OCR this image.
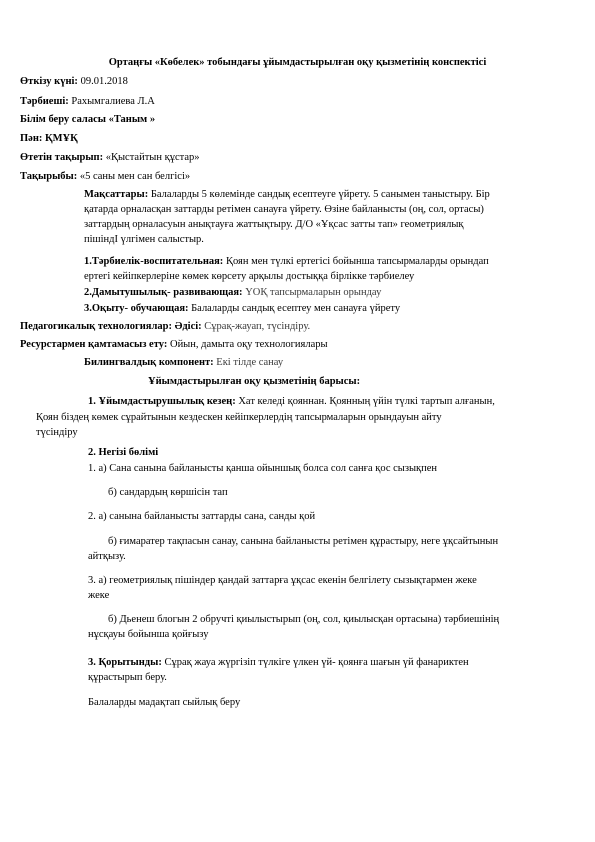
Ортаңғы «Көбелек» тобындағы ұйымдастырылған оқу қызметінің конспектісі
Өткізу күні: 09.01.2018
Тәрбиеші: Рахымгалиева Л.А
Білім беру саласы «Таным »
Пән: ҚМҰҚ
Өтетін тақырып: «Қыстайтын құстар»
Тақырыбы: «5 саны мен сан белгісі»
Мақсаттары: Балаларды 5 көлемінде сандық есептеуге үйрету. 5 санымен таныстыру. Бір
қатарда орналасқан заттарды ретімен санауға үйрету. Өзіне байланысты (оң, сол, ортасы)
заттардың орналасуын анықтауға жаттықтыру. Д/О «Ұқсас затты тап» геометриялық
пішіндІ үлгімен салыстыр.
1.Тәрбиелік-воспитательная: Қоян мен түлкі ертегісі бойынша тапсырмаларды орындап
ертегі кейіпкерлеріне көмек көрсету арқылы достыққа бірлікке тәрбиелеу
2.Дамытушылық- развивающая: ҮОҚ тапсырмаларын орындау
3.Оқыту- обучающая: Балаларды сандық есептеу мен санауға үйрету
Педагогикалық технологиялар: Әдісі: Сұрақ-жауап, түсіндіру.
Ресурстармен қамтамасыз ету: Ойын, дамыта оқу технологиялары
Билингвалдық компонент: Екі тілде санау
Ұйымдастырылған оқу қызметінің барысы:
1. Ұйымдастырушылық кезең: Хат келеді қояннан. Қоянның үйін түлкі тартып алғанын,
Қоян біздең көмек сұрайтынын кездескен кейіпкерлердің тапсырмаларын орындауын айту
түсіндіру
2. Негізі бөлімі
1. а) Сана санына байланысты қанша ойыншық болса сол санға қос сызықпен
б) сандардың көршісін тап
2. а) санына байланысты заттарды сана, санды қой
б) ғимаратер тақпасын санау, санына байланысты ретімен құрастыру, неге ұқсайтынын
айтқызу.
3. а) геометриялық пішіндер қандай заттарға ұқсас екенін белгілету сызықтармен жеке
жеке
б) Дьенеш блогын 2 обручті қиылыстырып (оң, сол, қиылысқан ортасына) тәрбиешінің
нұсқауы бойынша қойғызу
3. Қорытынды: Сұрақ жауа жүргізіп түлкіге үлкен үй- қоянға шағын үй фанариктен
құрастырып беру.
Балаларды мадақтап сыйлық беру
